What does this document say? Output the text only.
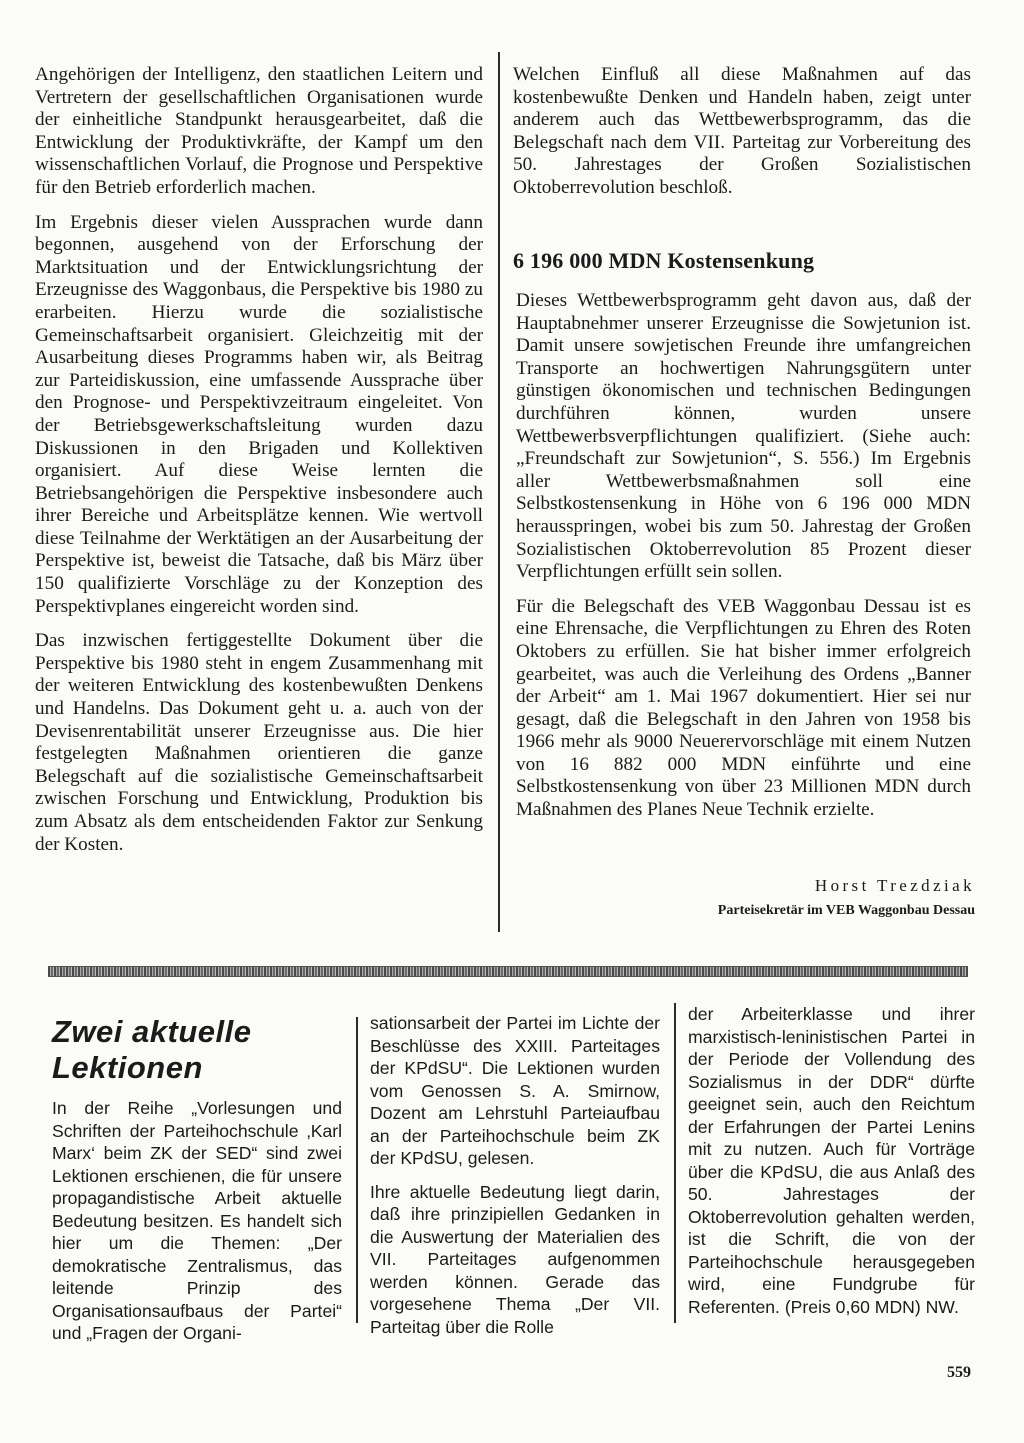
Angehörigen der Intelligenz, den staatlichen Leitern und Vertretern der gesellschaftlichen Organisationen wurde der einheitliche Standpunkt herausgearbeitet, daß die Entwicklung der Produktivkräfte, der Kampf um den wissenschaftlichen Vorlauf, die Prognose und Perspektive für den Betrieb erforderlich machen.

Im Ergebnis dieser vielen Aussprachen wurde dann begonnen, ausgehend von der Erforschung der Marktsituation und der Entwicklungsrichtung der Erzeugnisse des Waggonbaus, die Perspektive bis 1980 zu erarbeiten. Hierzu wurde die sozialistische Gemeinschaftsarbeit organisiert. Gleichzeitig mit der Ausarbeitung dieses Programms haben wir, als Beitrag zur Parteidiskussion, eine umfassende Aussprache über den Prognose- und Perspektivzeitraum eingeleitet. Von der Betriebsgewerkschaftsleitung wurden dazu Diskussionen in den Brigaden und Kollektiven organisiert. Auf diese Weise lernten die Betriebsangehörigen die Perspektive insbesondere auch ihrer Bereiche und Arbeitsplätze kennen. Wie wertvoll diese Teilnahme der Werktätigen an der Ausarbeitung der Perspektive ist, beweist die Tatsache, daß bis März über 150 qualifizierte Vorschläge zu der Konzeption des Perspektivplanes eingereicht worden sind.

Das inzwischen fertiggestellte Dokument über die Perspektive bis 1980 steht in engem Zusammenhang mit der weiteren Entwicklung des kostenbewußten Denkens und Handelns. Das Dokument geht u. a. auch von der Devisenrentabilität unserer Erzeugnisse aus. Die hier festgelegten Maßnahmen orientieren die ganze Belegschaft auf die sozialistische Gemeinschaftsarbeit zwischen Forschung und Entwicklung, Produktion bis zum Absatz als dem entscheidenden Faktor zur Senkung der Kosten.

Welchen Einfluß all diese Maßnahmen auf das kostenbewußte Denken und Handeln haben, zeigt unter anderem auch das Wettbewerbsprogramm, das die Belegschaft nach dem VII. Parteitag zur Vorbereitung des 50. Jahrestages der Großen Sozialistischen Oktoberrevolution beschloß.

6 196 000 MDN Kostensenkung

Dieses Wettbewerbsprogramm geht davon aus, daß der Hauptabnehmer unserer Erzeugnisse die Sowjetunion ist. Damit unsere sowjetischen Freunde ihre umfangreichen Transporte an hochwertigen Nahrungsgütern unter günstigen ökonomischen und technischen Bedingungen durchführen können, wurden unsere Wettbewerbsverpflichtungen qualifiziert. (Siehe auch: „Freundschaft zur Sowjetunion“, S. 556.) Im Ergebnis aller Wettbewerbsmaßnahmen soll eine Selbstkostensenkung in Höhe von 6 196 000 MDN herausspringen, wobei bis zum 50. Jahrestag der Großen Sozialistischen Oktoberrevolution 85 Prozent dieser Verpflichtungen erfüllt sein sollen.

Für die Belegschaft des VEB Waggonbau Dessau ist es eine Ehrensache, die Verpflichtungen zu Ehren des Roten Oktobers zu erfüllen. Sie hat bisher immer erfolgreich gearbeitet, was auch die Verleihung des Ordens „Banner der Arbeit“ am 1. Mai 1967 dokumentiert. Hier sei nur gesagt, daß die Belegschaft in den Jahren von 1958 bis 1966 mehr als 9000 Neuerervorschläge mit einem Nutzen von 16 882 000 MDN einführte und eine Selbstkostensenkung von über 23 Millionen MDN durch Maßnahmen des Planes Neue Technik erzielte.

Horst Trezdziak
Parteisekretär im VEB Waggonbau Dessau
Zwei aktuelle Lektionen

In der Reihe „Vorlesungen und Schriften der Parteihochschule ‚Karl Marx‘ beim ZK der SED“ sind zwei Lektionen erschienen, die für unsere propagandistische Arbeit aktuelle Bedeutung besitzen. Es handelt sich hier um die Themen: „Der demokratische Zentralismus, das leitende Prinzip des Organisationsaufbaus der Partei“ und „Fragen der Organi-

sationsarbeit der Partei im Lichte der Beschlüsse des XXIII. Parteitages der KPdSU“. Die Lektionen wurden vom Genossen S. A. Smirnow, Dozent am Lehrstuhl Parteiaufbau an der Parteihochschule beim ZK der KPdSU, gelesen.

Ihre aktuelle Bedeutung liegt darin, daß ihre prinzipiellen Gedanken in die Auswertung der Materialien des VII. Parteitages aufgenommen werden können. Gerade das vorgesehene Thema „Der VII. Parteitag über die Rolle

der Arbeiterklasse und ihrer marxistisch-leninistischen Partei in der Periode der Vollendung des Sozialismus in der DDR“ dürfte geeignet sein, auch den Reichtum der Erfahrungen der Partei Lenins mit zu nutzen. Auch für Vorträge über die KPdSU, die aus Anlaß des 50. Jahrestages der Oktoberrevolution gehalten werden, ist die Schrift, die von der Parteihochschule herausgegeben wird, eine Fundgrube für Referenten. (Preis 0,60 MDN) NW.

559
